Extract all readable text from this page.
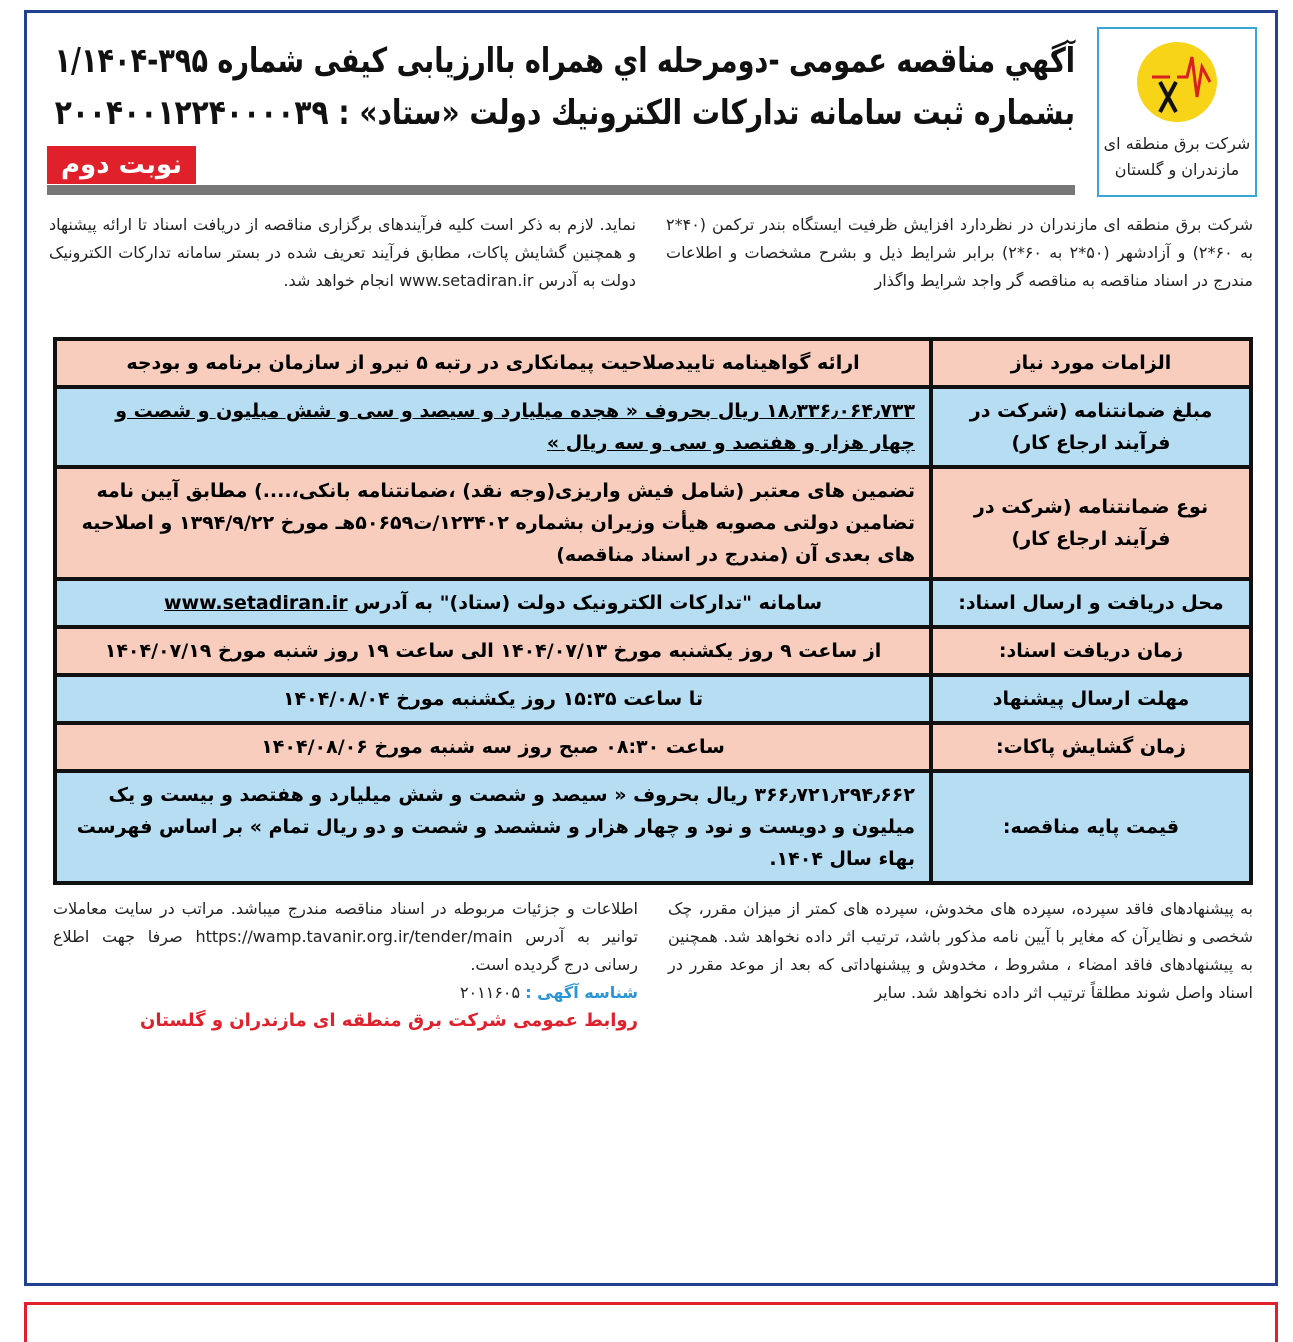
شرکت برق منطقه ای
مازندران و گلستان
آگهي مناقصه عمومی -دومرحله اي همراه باارزيابی كيفی شماره ۳۹۵-۱/۱۴۰۴
بشماره ثبت سامانه تداركات الكترونيك دولت «ستاد» : ۲۰۰۴۰۰۱۲۲۴۰۰۰۰۳۹
نوبت دوم
شرکت برق منطقه ای مازندران در نظردارد افزایش ظرفیت ایستگاه بندر ترکمن (۴۰*۲ به ۶۰*۲) و آزادشهر (۵۰*۲ به ۶۰*۲) برابر شرایط ذیل و بشرح مشخصات و اطلاعات مندرج در اسناد مناقصه به مناقصه گر واجد شرایط واگذار
نماید. لازم به ذکر است کلیه فرآیندهای برگزاری مناقصه از دریافت اسناد تا ارائه پیشنهاد و همچنین گشایش پاکات، مطابق فرآیند تعریف شده در بستر سامانه تدارکات الکترونیک دولت به آدرس www.setadiran.ir انجام خواهد شد.
الزامات مورد نیاز	ارائه گواهینامه تاییدصلاحیت پیمانکاری در رتبه ۵ نیرو از سازمان برنامه و بودجه
مبلغ ضمانتنامه (شرکت در فرآیند ارجاع کار)	۱۸٫۳۳۶٫۰۶۴٫۷۳۳ ریال بحروف « هجده میلیارد و سیصد و سی و شش میلیون و شصت و چهار هزار و هفتصد و سی و سه ریال »
نوع ضمانتنامه (شرکت در فرآیند ارجاع کار)	تضمین های معتبر (شامل فیش واریزی(وجه نقد) ،ضمانتنامه بانکی،....) مطابق آیین نامه تضامین دولتی مصوبه هیأت وزیران بشماره ۱۲۳۴۰۲/ت۵۰۶۵۹هـ مورخ ۱۳۹۴/۹/۲۲ و اصلاحیه های بعدی آن (مندرج در اسناد مناقصه)
محل دریافت و ارسال اسناد:	سامانه "تدارکات الکترونیک دولت (ستاد)" به آدرس www.setadiran.ir
زمان دریافت اسناد:	از ساعت ۹ روز یکشنبه مورخ ۱۴۰۴/۰۷/۱۳ الی ساعت ۱۹ روز شنبه مورخ ۱۴۰۴/۰۷/۱۹
مهلت ارسال پیشنهاد	تا ساعت ۱۵:۳۵ روز یکشنبه مورخ ۱۴۰۴/۰۸/۰۴
زمان گشایش پاکات:	ساعت ۰۸:۳۰ صبح روز سه شنبه مورخ ۱۴۰۴/۰۸/۰۶
قیمت پایه مناقصه:	۳۶۶٫۷۲۱٫۲۹۴٫۶۶۲ ریال بحروف « سیصد و شصت و شش میلیارد و هفتصد و بیست و یک میلیون و دویست و نود و چهار هزار و ششصد و شصت و دو ریال تمام » بر اساس فهرست بهاء سال ۱۴۰۴.
به پیشنهادهای فاقد سپرده، سپرده های مخدوش، سپرده های کمتر از میزان مقرر، چک شخصی و نظایرآن که مغایر با آیین نامه مذکور باشد، ترتیب اثر داده نخواهد شد. همچنین به پیشنهادهای فاقد امضاء ، مشروط ، مخدوش و پیشنهاداتی که بعد از موعد مقرر در اسناد واصل شوند مطلقاً ترتیب اثر داده نخواهد شد. سایر
اطلاعات و جزئیات مربوطه در اسناد مناقصه مندرج میباشد. مراتب در سایت معاملات توانیر به آدرس https://wamp.tavanir.org.ir/tender/main صرفا جهت اطلاع رسانی درج گردیده است.
شناسه آگهی : ۲۰۱۱۶۰۵
روابط عمومی شرکت برق منطقه ای مازندران و گلستان
